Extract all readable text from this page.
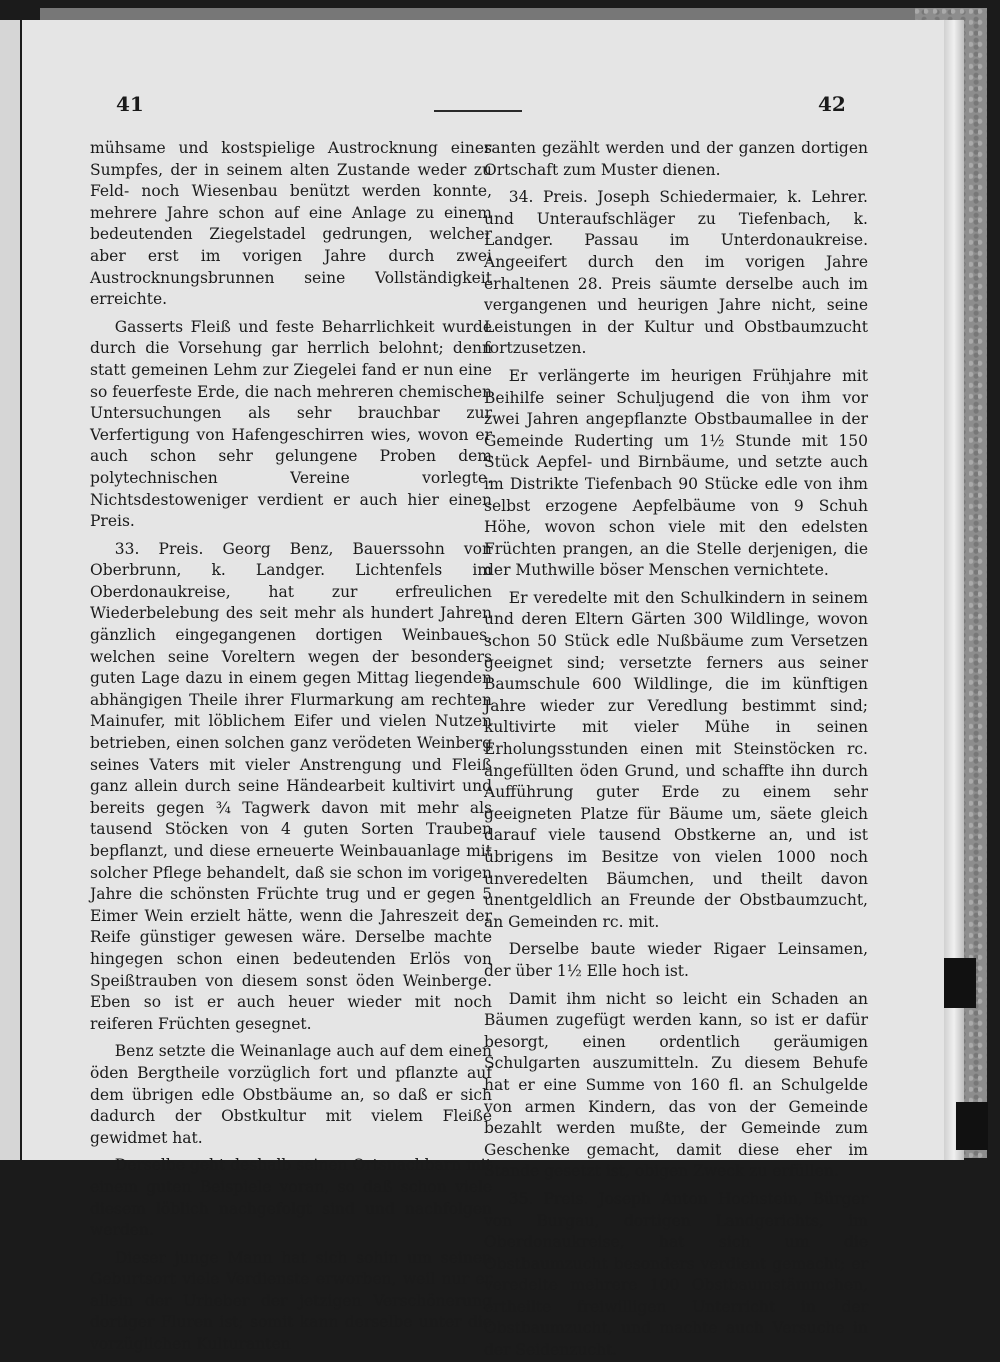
41	42

mühsame und kostspielige Austrocknung eines Sumpfes, der in seinem alten Zustande weder zu Feld- noch Wiesenbau benützt werden konnte, mehrere Jahre schon auf eine Anlage zu einem bedeutenden Ziegelstadel gedrungen, welcher aber erst im vorigen Jahre durch zwei Austrocknungsbrunnen seine Vollständigkeit erreichte.

Gasserts Fleiß und feste Beharrlichkeit wurde durch die Vorsehung gar herrlich belohnt; denn statt gemeinen Lehm zur Ziegelei fand er nun eine so feuerfeste Erde, die nach mehreren chemischen Untersuchungen als sehr brauchbar zur Verfertigung von Hafengeschirren wies, wovon er auch schon sehr gelungene Proben dem polytechnischen Vereine vorlegte. Nichtsdestoweniger verdient er auch hier einen Preis.

33. Preis. Georg Benz, Bauerssohn von Oberbrunn, k. Landger. Lichtenfels im Oberdonaukreise, hat zur erfreulichen Wiederbelebung des seit mehr als hundert Jahren gänzlich eingegangenen dortigen Weinbaues, welchen seine Voreltern wegen der besonders guten Lage dazu in einem gegen Mittag liegenden abhängigen Theile ihrer Flurmarkung am rechten Mainufer, mit löblichem Eifer und vielen Nutzen betrieben, einen solchen ganz verödeten Weinberg seines Vaters mit vieler Anstrengung und Fleiß ganz allein durch seine Händearbeit kultivirt und bereits gegen ¾ Tagwerk davon mit mehr als tausend Stöcken von 4 guten Sorten Trauben bepflanzt, und diese erneuerte Weinbauanlage mit solcher Pflege behandelt, daß sie schon im vorigen Jahre die schönsten Früchte trug und er gegen 5 Eimer Wein erzielt hätte, wenn die Jahreszeit der Reife günstiger gewesen wäre. Derselbe machte hingegen schon einen bedeutenden Erlös von Speißtrauben von diesem sonst öden Weinberge. Eben so ist er auch heuer wieder mit noch reiferen Früchten gesegnet.

Benz setzte die Weinanlage auch auf dem einen öden Bergtheile vorzüglich fort und pflanzte auf dem übrigen edle Obstbäume an, so daß er sich dadurch der Obstkultur mit vielem Fleiße gewidmet hat.

Derselbe geht deshalb seinen Ortsnachbarn mit einem guten Beispiele voran, so daß schon viele diesem löblich nachgefolgt sind und nachfolgen werden.

Dieser junge Mann hat sich sohin um seinen Geburtsort viele Verdienste erworben, weil nur er allein der Urheber der jetzigen Verschönerung dortiger Fluren ist; somit kann derselbe unter die vorzüglichen Kulturanten

ranten gezählt werden und der ganzen dortigen Ortschaft zum Muster dienen.

34. Preis. Joseph Schiedermaier, k. Lehrer. und Unteraufschläger zu Tiefenbach, k. Landger. Passau im Unterdonaukreise. Angeeifert durch den im vorigen Jahre erhaltenen 28. Preis säumte derselbe auch im vergangenen und heurigen Jahre nicht, seine Leistungen in der Kultur und Obstbaumzucht fortzusetzen.

Er verlängerte im heurigen Frühjahre mit Beihilfe seiner Schuljugend die von ihm vor zwei Jahren angepflanzte Obstbaumallee in der Gemeinde Ruderting um 1½ Stunde mit 150 Stück Aepfel- und Birnbäume, und setzte auch im Distrikte Tiefenbach 90 Stücke edle von ihm selbst erzogene Aepfelbäume von 9 Schuh Höhe, wovon schon viele mit den edelsten Früchten prangen, an die Stelle derjenigen, die der Muthwille böser Menschen vernichtete.

Er veredelte mit den Schulkindern in seinem und deren Eltern Gärten 300 Wildlinge, wovon schon 50 Stück edle Nußbäume zum Versetzen geeignet sind; versetzte ferners aus seiner Baumschule 600 Wildlinge, die im künftigen Jahre wieder zur Veredlung bestimmt sind; kultivirte mit vieler Mühe in seinen Erholungsstunden einen mit Steinstöcken rc. angefüllten öden Grund, und schaffte ihn durch Aufführung guter Erde zu einem sehr geeigneten Platze für Bäume um, säete gleich darauf viele tausend Obstkerne an, und ist übrigens im Besitze von vielen 1000 noch unveredelten Bäumchen, und theilt davon unentgeldlich an Freunde der Obstbaumzucht, an Gemeinden rc. mit.

Derselbe baute wieder Rigaer Leinsamen, der über 1½ Elle hoch ist.

Damit ihm nicht so leicht ein Schaden an Bäumen zugefügt werden kann, so ist er dafür besorgt, einen ordentlich geräumigen Schulgarten auszumitteln. Zu diesem Behufe hat er eine Summe von 160 fl. an Schulgelde von armen Kindern, das von der Gemeinde bezahlt werden mußte, der Gemeinde zum Geschenke gemacht, damit diese eher im Stande gesetzt ist, obigen Zweck zu erfüllen.

35. Preis. Joseph Anton Hochstein, Bürger von Burgau, dortigen Landgerichts, im Oberdonaukreise, hat sich um die Obstbaumzucht besonders verdient gemacht; er veredelte mehrere 100 Obstbaumstämmchen, ertheilte freiwilligen Unterricht in der Obstbaumzucht, und machte auch Versuche in der Seidenzucht.
